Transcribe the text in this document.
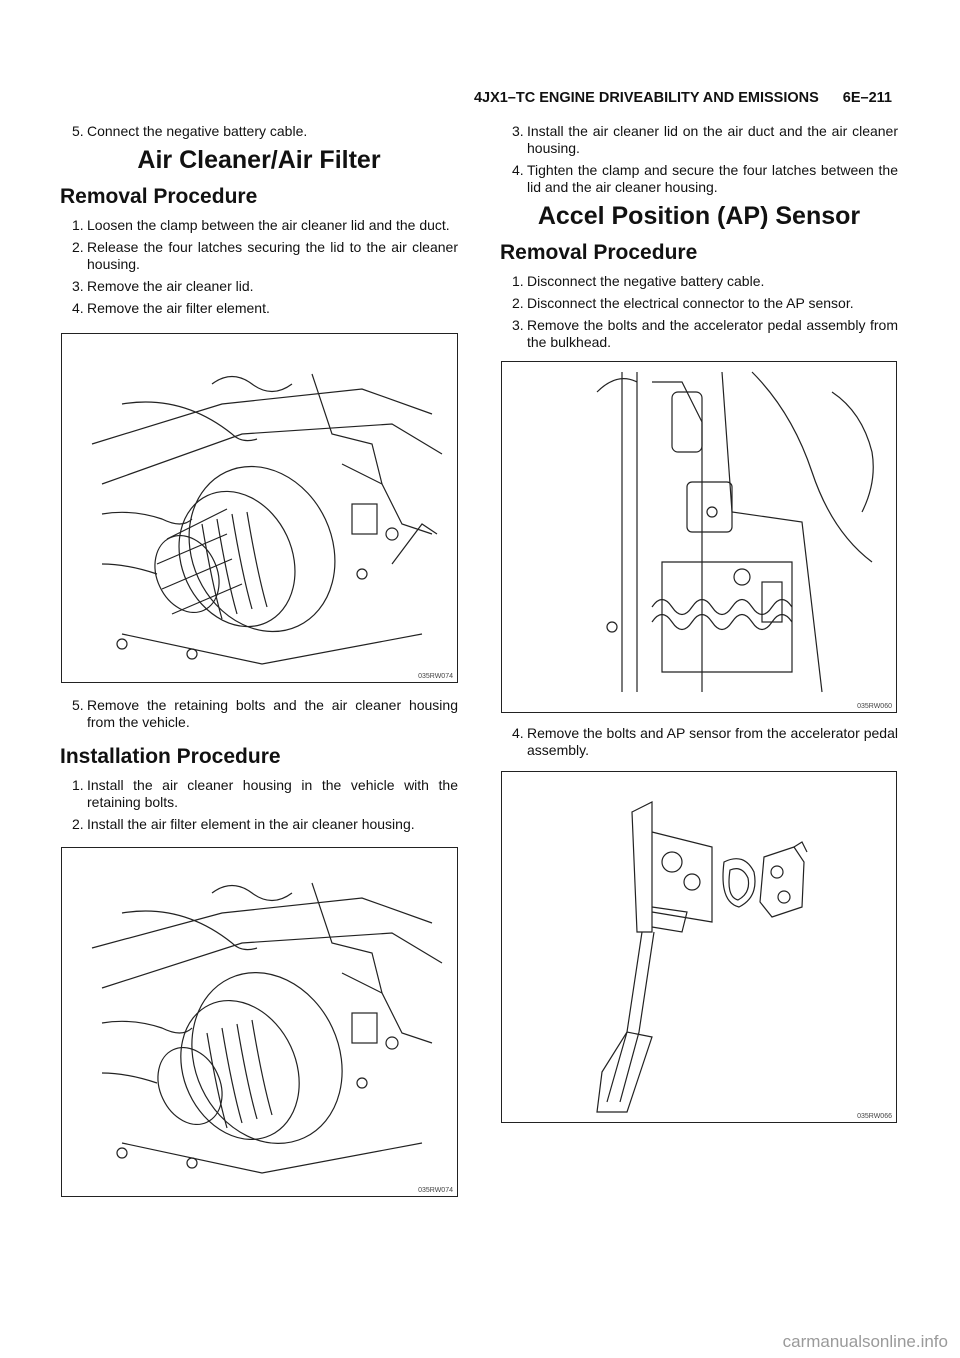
4JX1–TC ENGINE DRIVEABILITY AND EMISSIONS 6E–211

5. Connect the negative battery cable.

Air Cleaner/Air Filter
Removal Procedure

1. Loosen the clamp between the air cleaner lid and the duct.

2. Release the four latches securing the lid to the air cleaner housing.

3. Remove the air cleaner lid.

4. Remove the air filter element.

035RW074

5. Remove the retaining bolts and the air cleaner housing from the vehicle.

Installation Procedure

1. Install the air cleaner housing in the vehicle with the retaining bolts.

2. Install the air filter element in the air cleaner housing.

035RW074

3. Install the air cleaner lid on the air duct and the air cleaner housing.

4. Tighten the clamp and secure the four latches between the lid and the air cleaner housing.

Accel Position (AP) Sensor
Removal Procedure

1. Disconnect the negative battery cable.

2. Disconnect the electrical connector to the AP sensor.

3. Remove the bolts and the accelerator pedal assembly from the bulkhead.

035RW060

4. Remove the bolts and AP sensor from the accelerator pedal assembly.

035RW066
carmanualsonline.info
